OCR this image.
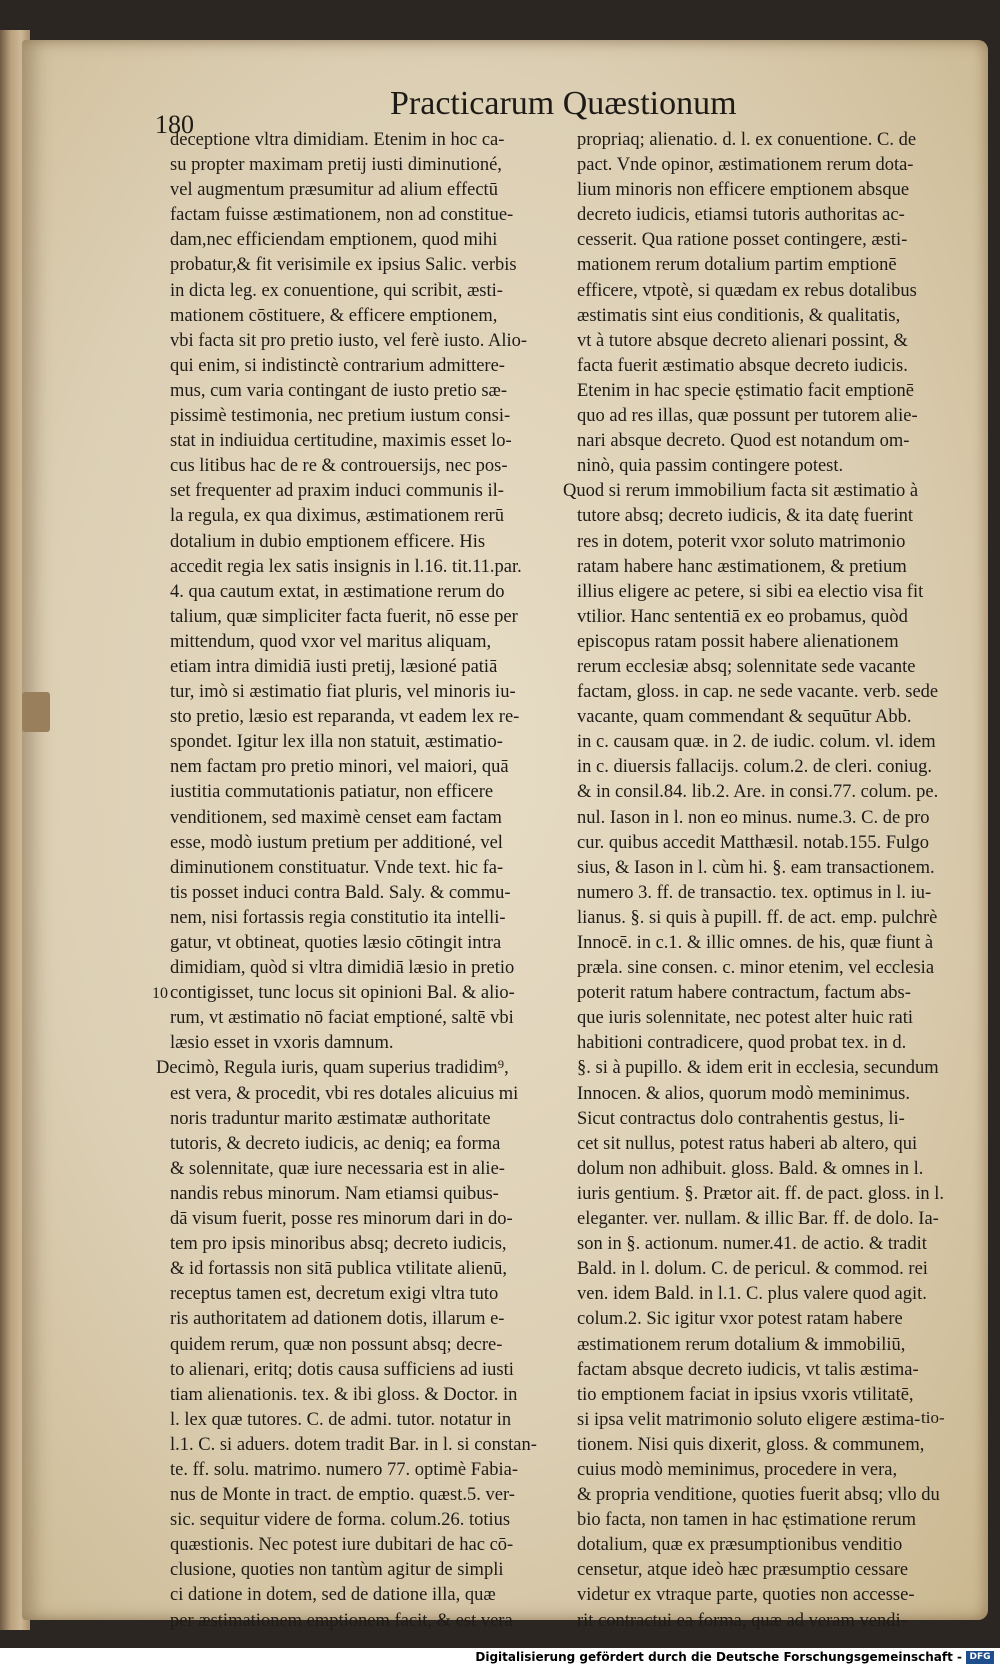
180
Practicarum Quæstionum
deceptione vltra dimidiam. Etenim in hoc ca-
su propter maximam pretij iusti diminutioné,
vel augmentum præsumitur ad alium effectū
factam fuisse æstimationem, non ad constitue-
dam,nec efficiendam emptionem, quod mihi
probatur,& fit verisimile ex ipsius Salic. verbis
in dicta leg. ex conuentione, qui scribit, æsti-
mationem cōstituere, & efficere emptionem,
vbi facta sit pro pretio iusto, vel ferè iusto. Alio-
qui enim, si indistinctè contrarium admittere-
mus, cum varia contingant de iusto pretio sæ-
pissimè testimonia, nec pretium iustum consi-
stat in indiuidua certitudine, maximis esset lo-
cus litibus hac de re & controuersijs, nec pos-
set frequenter ad praxim induci communis il-
la regula, ex qua diximus, æstimationem rerū
dotalium in dubio emptionem efficere. His
accedit regia lex satis insignis in l.16. tit.11.par.
4. qua cautum extat, in æstimatione rerum do
talium, quæ simpliciter facta fuerit, nō esse per
mittendum, quod vxor vel maritus aliquam,
etiam intra dimidiā iusti pretij, læsioné patiā
tur, imò si æstimatio fiat pluris, vel minoris iu-
sto pretio, læsio est reparanda, vt eadem lex re-
spondet. Igitur lex illa non statuit, æstimatio-
nem factam pro pretio minori, vel maiori, quā
iustitia commutationis patiatur, non efficere
venditionem, sed maximè censet eam factam
esse, modò iustum pretium per additioné, vel
diminutionem constituatur. Vnde text. hic fa-
tis posset induci contra Bald. Saly. & commu-
nem, nisi fortassis regia constitutio ita intelli-
gatur, vt obtineat, quoties læsio cōtingit intra
dimidiam, quòd si vltra dimidiā læsio in pretio
contigisset, tunc locus sit opinioni Bal. & alio-
rum, vt æstimatio nō faciat emptioné, saltē vbi
læsio esset in vxoris damnum.
Decimò, Regula iuris, quam superius tradidim⁹,
est vera, & procedit, vbi res dotales alicuius mi
noris traduntur marito æstimatæ authoritate
tutoris, & decreto iudicis, ac deniq; ea forma
& solennitate, quæ iure necessaria est in alie-
nandis rebus minorum. Nam etiamsi quibus-
dā visum fuerit, posse res minorum dari in do-
tem pro ipsis minoribus absq; decreto iudicis,
& id fortassis non sitā publica vtilitate alienū,
receptus tamen est, decretum exigi vltra tuto
ris authoritatem ad dationem dotis, illarum e-
quidem rerum, quæ non possunt absq; decre-
to alienari, eritq; dotis causa sufficiens ad iusti
tiam alienationis. tex. & ibi gloss. & Doctor. in
l. lex quæ tutores. C. de admi. tutor. notatur in
l.1. C. si aduers. dotem tradit Bar. in l. si constan-
te. ff. solu. matrimo. numero 77. optimè Fabia-
nus de Monte in tract. de emptio. quæst.5. ver-
sic. sequitur videre de forma. colum.26. totius
quæstionis. Nec potest iure dubitari de hac cō-
clusione, quoties non tantùm agitur de simpli
ci datione in dotem, sed de datione illa, quæ
per æstimationem emptionem facit, & est vera
10
propriaq; alienatio. d. l. ex conuentione. C. de
pact. Vnde opinor, æstimationem rerum dota-
lium minoris non efficere emptionem absque
decreto iudicis, etiamsi tutoris authoritas ac-
cesserit. Qua ratione posset contingere, æsti-
mationem rerum dotalium partim emptionē
efficere, vtpotè, si quædam ex rebus dotalibus
æstimatis sint eius conditionis, & qualitatis,
vt à tutore absque decreto alienari possint, &
facta fuerit æstimatio absque decreto iudicis.
Etenim in hac specie ęstimatio facit emptionē
quo ad res illas, quæ possunt per tutorem alie-
nari absque decreto. Quod est notandum om-
ninò, quia passim contingere potest.
Quod si rerum immobilium facta sit æstimatio à
tutore absq; decreto iudicis, & ita datę fuerint
res in dotem, poterit vxor soluto matrimonio
ratam habere hanc æstimationem, & pretium
illius eligere ac petere, si sibi ea electio visa fit
vtilior. Hanc sententiā ex eo probamus, quòd
episcopus ratam possit habere alienationem
rerum ecclesiæ absq; solennitate sede vacante
factam, gloss. in cap. ne sede vacante. verb. sede
vacante, quam commendant & sequūtur Abb.
in c. causam quæ. in 2. de iudic. colum. vl. idem
in c. diuersis fallacijs. colum.2. de cleri. coniug.
& in consil.84. lib.2. Are. in consi.77. colum. pe.
nul. Iason in l. non eo minus. nume.3. C. de pro
cur. quibus accedit Matthæsil. notab.155. Fulgo
sius, & Iason in l. cùm hi. §. eam transactionem.
numero 3. ff. de transactio. tex. optimus in l. iu-
lianus. §. si quis à pupill. ff. de act. emp. pulchrè
Innocē. in c.1. & illic omnes. de his, quæ fiunt à
præla. sine consen. c. minor etenim, vel ecclesia
poterit ratum habere contractum, factum abs-
que iuris solennitate, nec potest alter huic rati
habitioni contradicere, quod probat tex. in d.
§. si à pupillo. & idem erit in ecclesia, secundum
Innocen. & alios, quorum modò meminimus.
Sicut contractus dolo contrahentis gestus, li-
cet sit nullus, potest ratus haberi ab altero, qui
dolum non adhibuit. gloss. Bald. & omnes in l.
iuris gentium. §. Prætor ait. ff. de pact. gloss. in l.
eleganter. ver. nullam. & illic Bar. ff. de dolo. Ia-
son in §. actionum. numer.41. de actio. & tradit
Bald. in l. dolum. C. de pericul. & commod. rei
ven. idem Bald. in l.1. C. plus valere quod agit.
colum.2. Sic igitur vxor potest ratam habere
æstimationem rerum dotalium & immobiliū,
factam absque decreto iudicis, vt talis æstima-
tio emptionem faciat in ipsius vxoris vtilitatē,
si ipsa velit matrimonio soluto eligere æstima-
tionem. Nisi quis dixerit, gloss. & communem,
cuius modò meminimus, procedere in vera,
& propria venditione, quoties fuerit absq; vllo du
bio facta, non tamen in hac ęstimatione rerum
dotalium, quæ ex præsumptionibus venditio
censetur, atque ideò hæc præsumptio cessare
videtur ex vtraque parte, quoties non accesse-
rit contractui ea forma, quæ ad veram vendi-
tio-
Digitalisierung gefördert durch die Deutsche Forschungsgemeinschaft - DFG
